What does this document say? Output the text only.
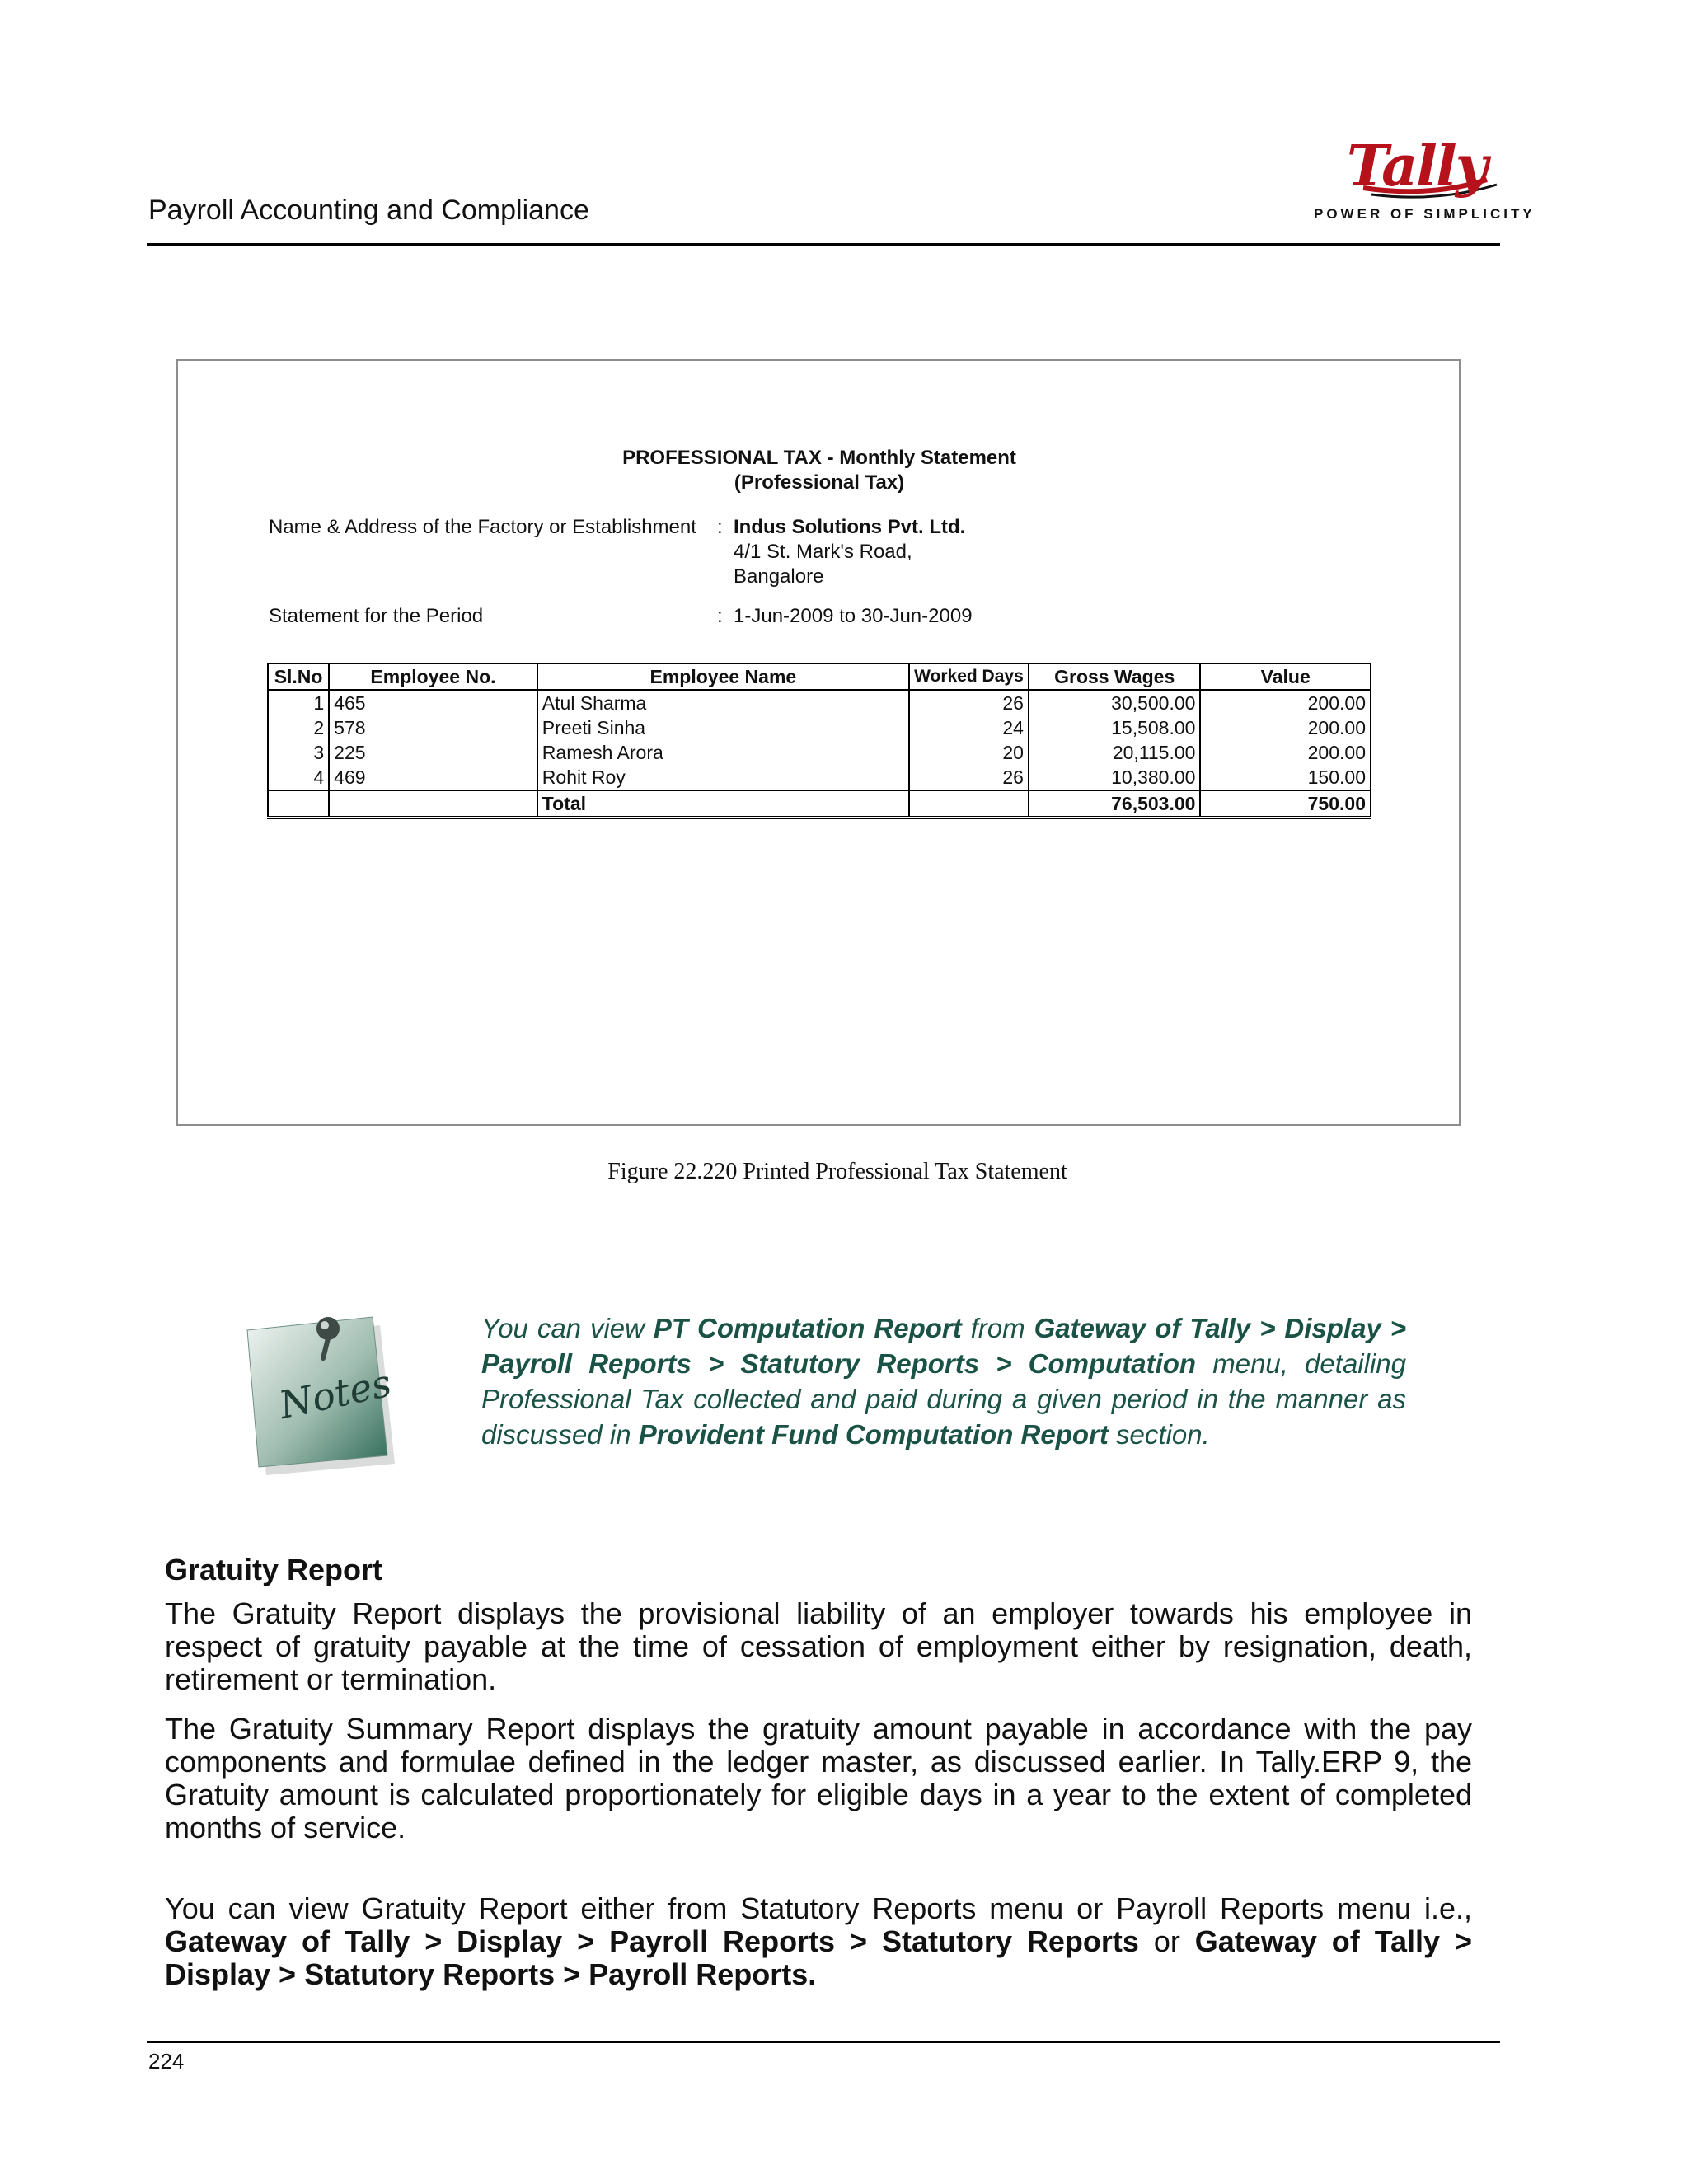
Payroll Accounting and Compliance
Tally
POWER OF SIMPLICITY
PROFESSIONAL TAX - Monthly Statement
(Professional Tax)
Name & Address of the Factory or Establishment : Indus Solutions Pvt. Ltd.
4/1 St. Mark's Road,
Bangalore
Statement for the Period	: 1-Jun-2009 to 30-Jun-2009
Sl.No	Employee No.	Employee Name	Worked Days	Gross Wages	Value
1	465	Atul Sharma	26	30,500.00	200.00
2	578	Preeti Sinha	24	15,508.00	200.00
3	225	Ramesh Arora	20	20,115.00	200.00
4	469	Rohit Roy	26	10,380.00	150.00
		Total		76,503.00	750.00
Figure 22.220 Printed Professional Tax Statement
Notes
You can view PT Computation Report from Gateway of Tally > Display > Payroll Reports > Statutory Reports > Computation menu, detailing Professional Tax collected and paid during a given period in the manner as discussed in Provident Fund Computation Report section.
Gratuity Report
The Gratuity Report displays the provisional liability of an employer towards his employee in respect of gratuity payable at the time of cessation of employment either by resignation, death, retirement or termination.
The Gratuity Summary Report displays the gratuity amount payable in accordance with the pay components and formulae defined in the ledger master, as discussed earlier. In Tally.ERP 9, the Gratuity amount is calculated proportionately for eligible days in a year to the extent of completed months of service.
You can view Gratuity Report either from Statutory Reports menu or Payroll Reports menu i.e., Gateway of Tally > Display > Payroll Reports > Statutory Reports or Gateway of Tally > Display > Statutory Reports > Payroll Reports.
224
